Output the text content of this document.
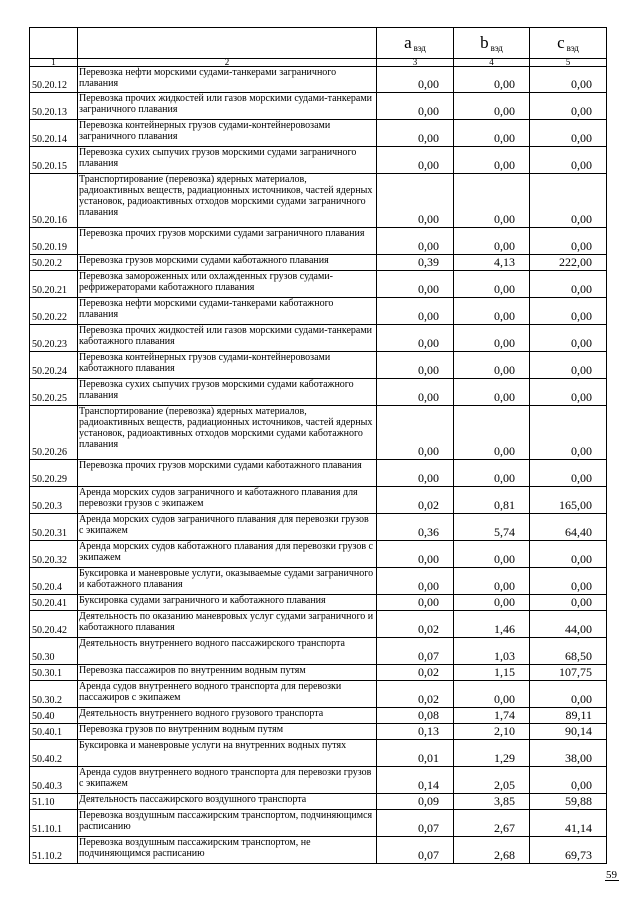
		a $_{вэд}$	b $_{вэд}$	c $_{вэд}$
1	2	3	4	5
50.20.12	Перевозка нефти морскими судами-танкерами заграничного плавания	0,00	0,00	0,00
50.20.13	Перевозка прочих жидкостей или газов морскими судами-танкерами заграничного плавания	0,00	0,00	0,00
50.20.14	Перевозка контейнерных грузов судами-контейнеровозами заграничного плавания	0,00	0,00	0,00
50.20.15	Перевозка сухих сыпучих грузов морскими судами заграничного плавания	0,00	0,00	0,00
50.20.16	Транспортирование (перевозка) ядерных материалов, радиоактивных веществ, радиационных источников, частей ядерных установок, радиоактивных отходов морскими судами заграничного плавания	0,00	0,00	0,00
50.20.19	Перевозка прочих грузов морскими судами заграничного плавания	0,00	0,00	0,00
50.20.2	Перевозка грузов морскими судами каботажного плавания	0,39	4,13	222,00
50.20.21	Перевозка замороженных или охлажденных грузов судами-рефрижераторами каботажного плавания	0,00	0,00	0,00
50.20.22	Перевозка нефти морскими судами-танкерами каботажного плавания	0,00	0,00	0,00
50.20.23	Перевозка прочих жидкостей или газов морскими судами-танкерами каботажного плавания	0,00	0,00	0,00
50.20.24	Перевозка контейнерных грузов судами-контейнеровозами каботажного плавания	0,00	0,00	0,00
50.20.25	Перевозка сухих сыпучих грузов морскими судами каботажного плавания	0,00	0,00	0,00
50.20.26	Транспортирование (перевозка) ядерных материалов, радиоактивных веществ, радиационных источников, частей ядерных установок, радиоактивных отходов морскими судами каботажного плавания	0,00	0,00	0,00
50.20.29	Перевозка прочих грузов морскими судами каботажного плавания	0,00	0,00	0,00
50.20.3	Аренда морских судов заграничного и каботажного плавания для перевозки грузов с экипажем	0,02	0,81	165,00
50.20.31	Аренда морских судов заграничного плавания для перевозки грузов с экипажем	0,36	5,74	64,40
50.20.32	Аренда морских судов каботажного плавания для перевозки грузов с экипажем	0,00	0,00	0,00
50.20.4	Буксировка и маневровые услуги, оказываемые судами заграничного и каботажного плавания	0,00	0,00	0,00
50.20.41	Буксировка судами заграничного и каботажного плавания	0,00	0,00	0,00
50.20.42	Деятельность по оказанию маневровых услуг судами заграничного и каботажного плавания	0,02	1,46	44,00
50.30	Деятельность внутреннего водного пассажирского транспорта	0,07	1,03	68,50
50.30.1	Перевозка пассажиров по внутренним водным путям	0,02	1,15	107,75
50.30.2	Аренда судов внутреннего водного транспорта для перевозки пассажиров с экипажем	0,02	0,00	0,00
50.40	Деятельность внутреннего водного грузового транспорта	0,08	1,74	89,11
50.40.1	Перевозка грузов по внутренним водным путям	0,13	2,10	90,14
50.40.2	Буксировка и маневровые услуги на внутренних водных путях	0,01	1,29	38,00
50.40.3	Аренда судов внутреннего водного транспорта для перевозки грузов с экипажем	0,14	2,05	0,00
51.10	Деятельность пассажирского воздушного транспорта	0,09	3,85	59,88
51.10.1	Перевозка воздушным пассажирским транспортом, подчиняющимся расписанию	0,07	2,67	41,14
51.10.2	Перевозка воздушным пассажирским транспортом, не подчиняющимся расписанию	0,07	2,68	69,73
59
